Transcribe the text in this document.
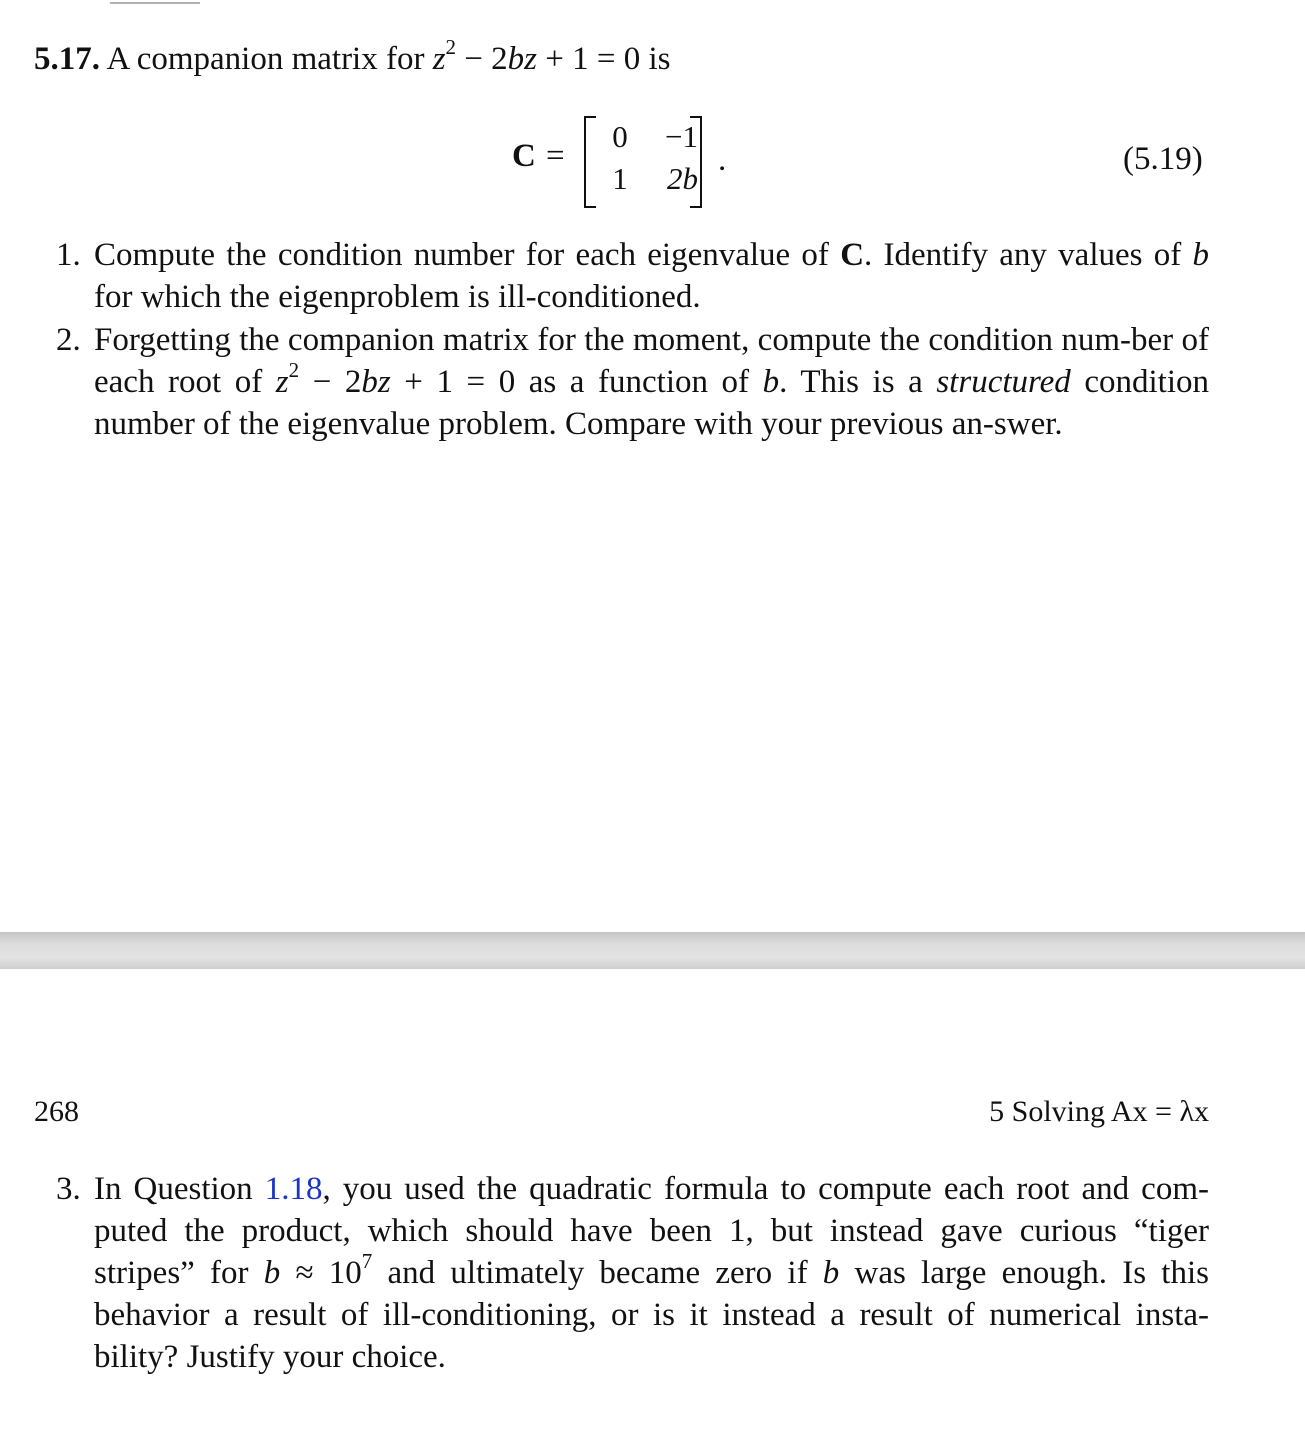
5.17. A companion matrix for $z^2 - 2bz + 1 = 0$ is
C =
0	−1
1	2b
.	(5.19)
1. Compute the condition number for each eigenvalue of C. Identify any values of b for which the eigenproblem is ill-conditioned.
2. Forgetting the companion matrix for the moment, compute the condition num-ber of each root of $z^2 - 2bz + 1 = 0$ as a function of b. This is a structured condition number of the eigenvalue problem. Compare with your previous an-swer.
268	5 Solving Ax = λx
3. In Question 1.18, you used the quadratic formula to compute each root and com-puted the product, which should have been 1, but instead gave curious “tiger stripes” for $b \approx 10^7$ and ultimately became zero if b was large enough. Is this behavior a result of ill-conditioning, or is it instead a result of numerical insta-bility? Justify your choice.
